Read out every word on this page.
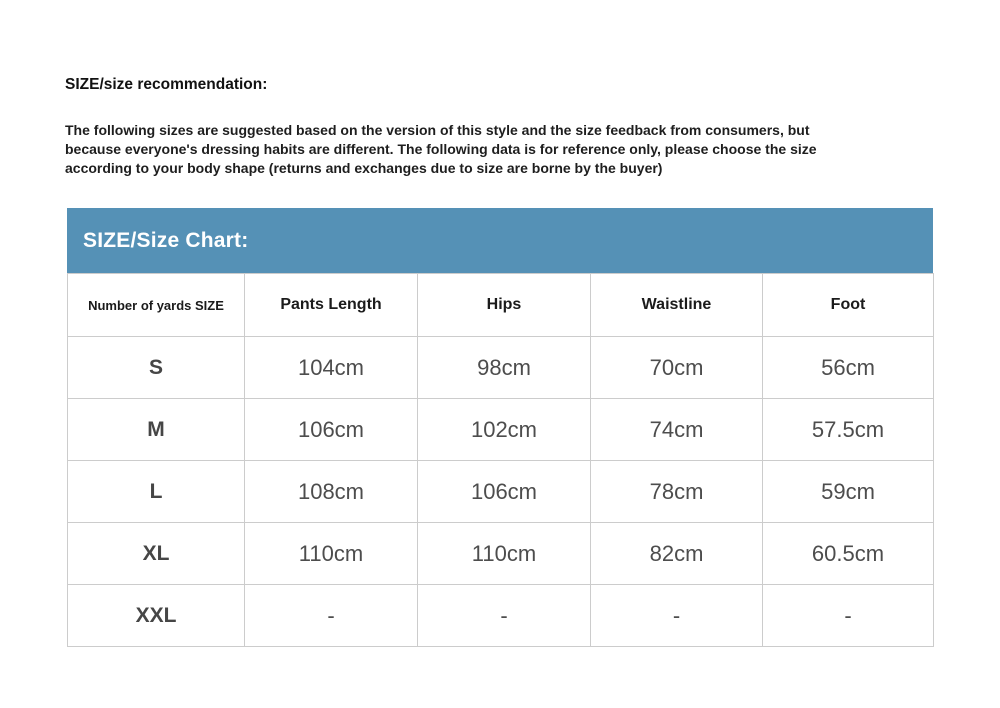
SIZE/size recommendation:
The following sizes are suggested based on the version of this style and the size feedback from consumers, but
because everyone's dressing habits are different. The following data is for reference only, please choose the size
according to your body shape (returns and exchanges due to size are borne by the buyer)
SIZE/Size Chart:
Number of yards SIZE	Pants Length	Hips	Waistline	Foot
S	104cm	98cm	70cm	56cm
M	106cm	102cm	74cm	57.5cm
L	108cm	106cm	78cm	59cm
XL	110cm	110cm	82cm	60.5cm
XXL	-	-	-	-
